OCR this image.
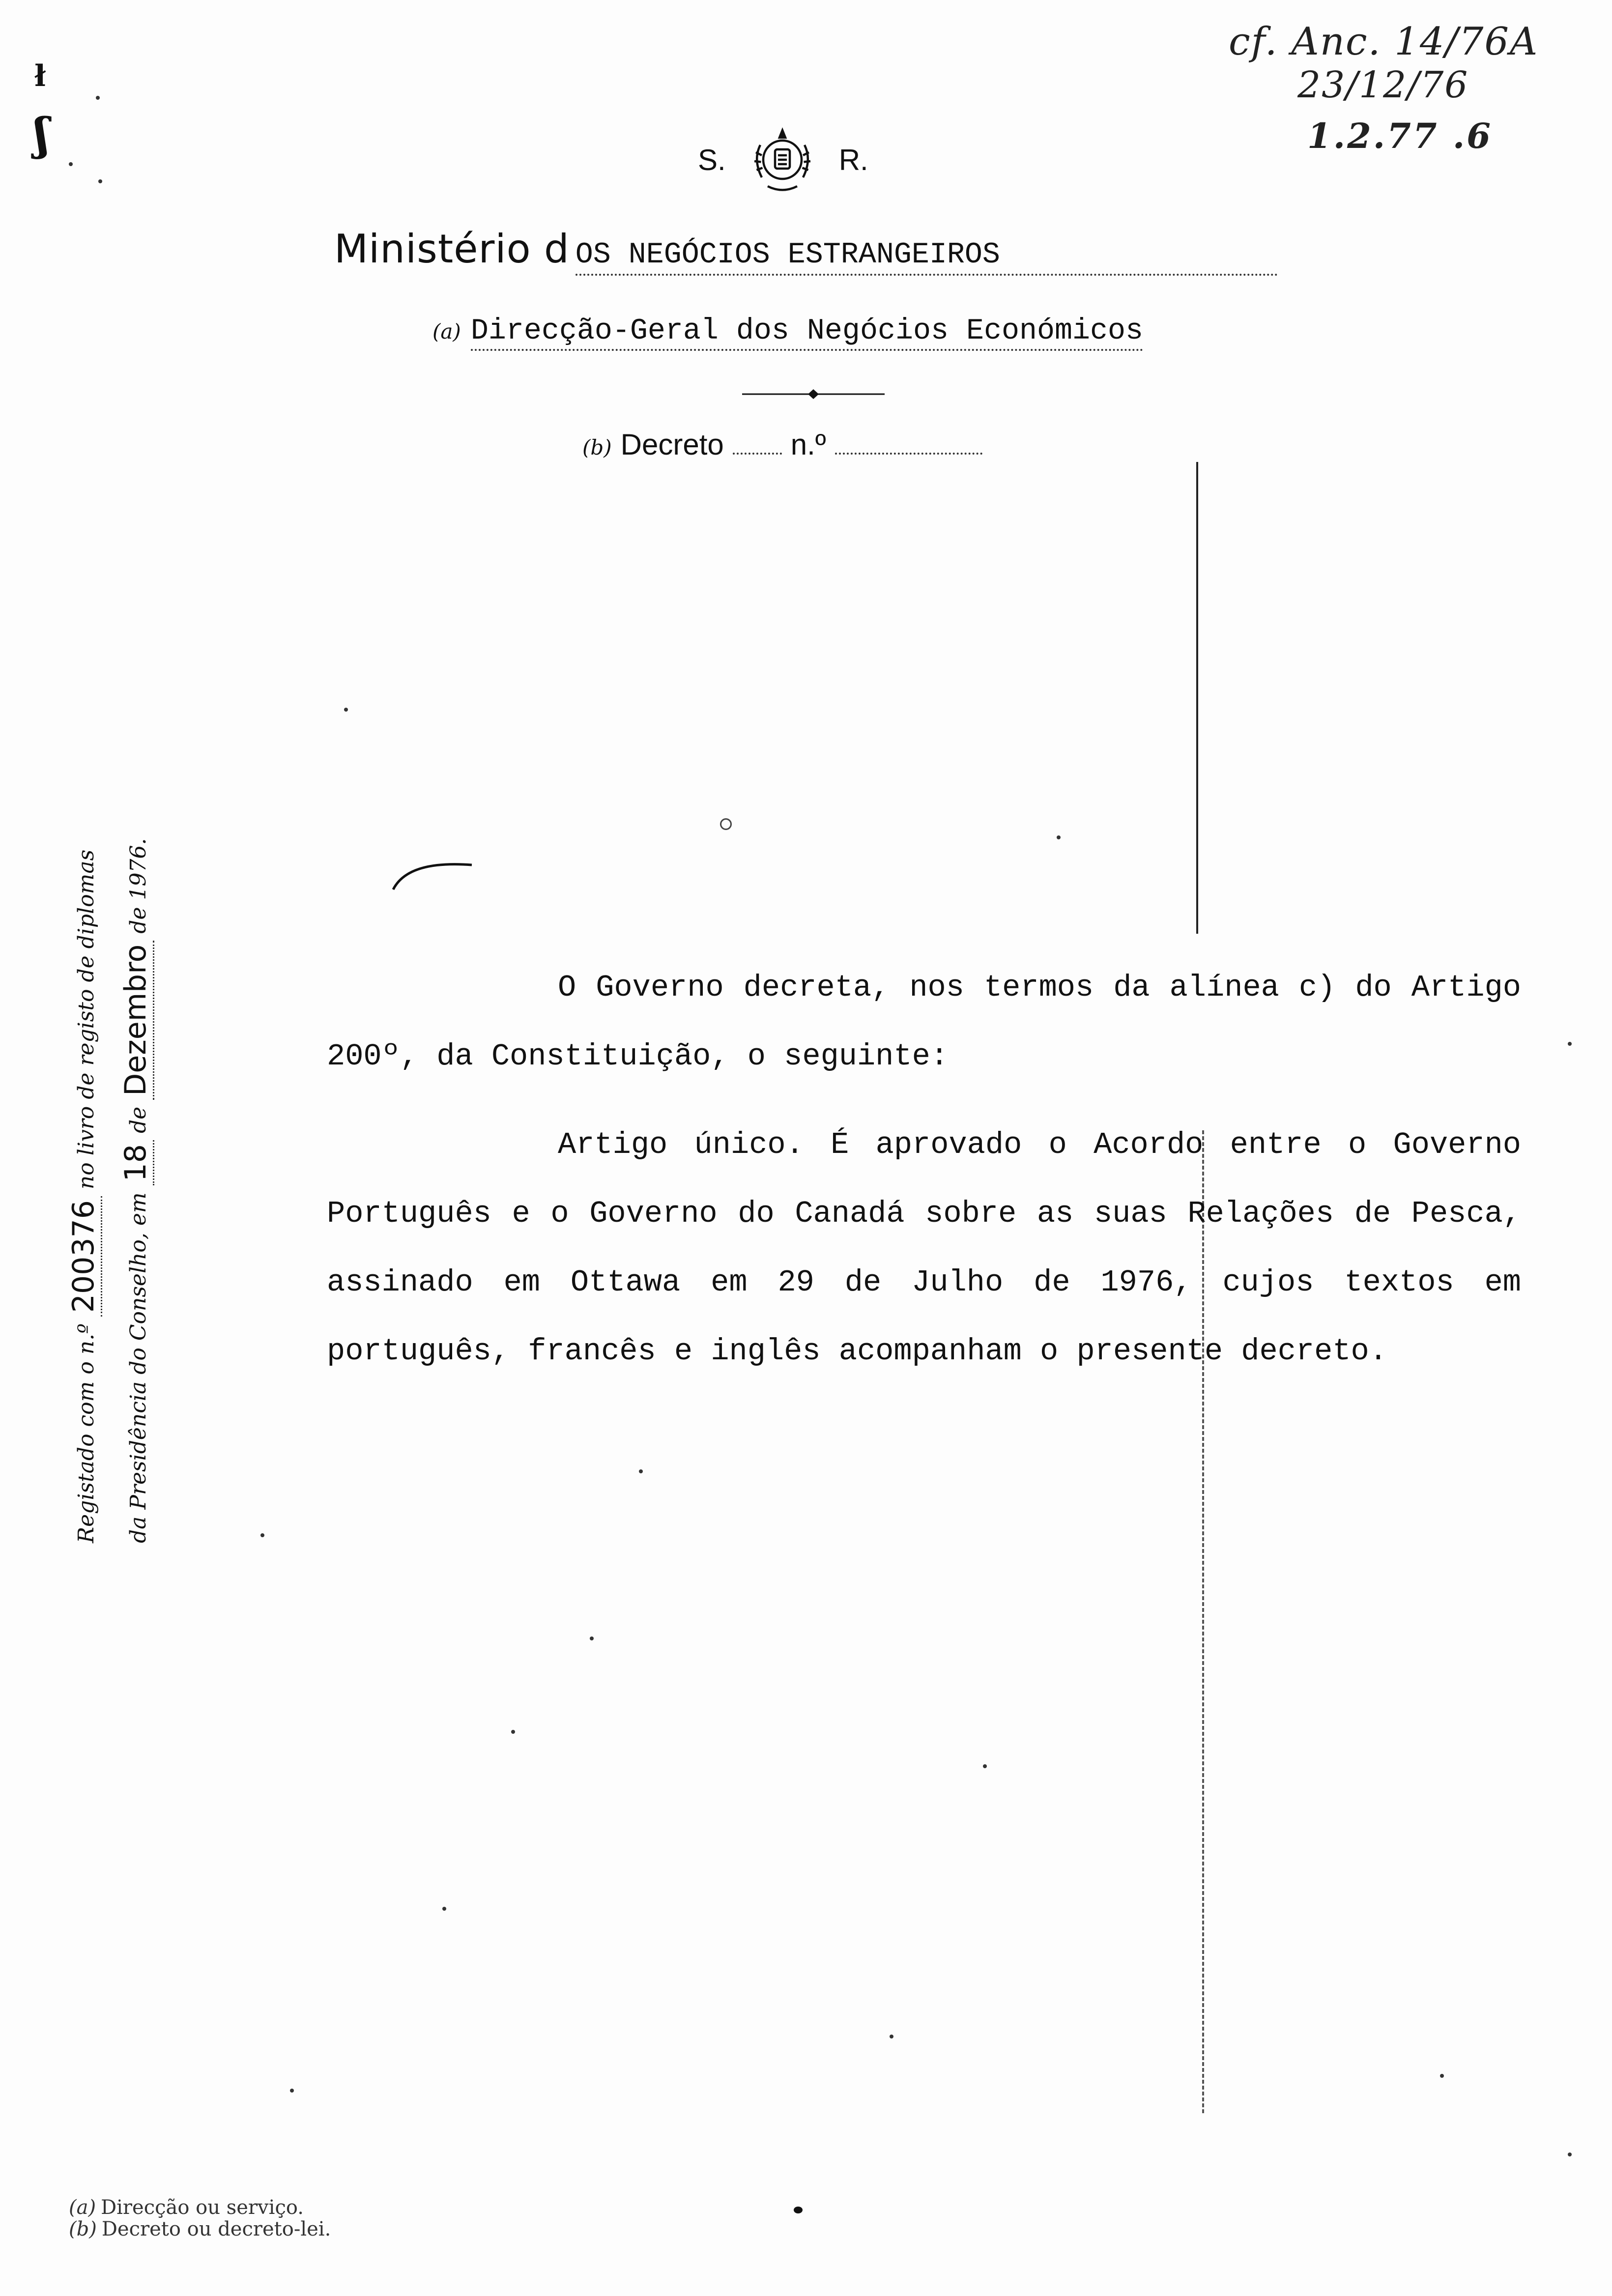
cf. Anc. 14/76A
23/12/76
1.2.77 .6
ł
ʃ	S.	R.
Ministério d OS NEGÓCIOS ESTRANGEIROS
(a) Direcção-Geral dos Negócios Económicos
(b) Decreto n.º
Registado com o n.º 200376 no livro de registo de diplomas
da Presidência do Conselho, em 18 de Dezembro de 1976.

O Governo decreta, nos termos da alínea c) do Artigo 200º, da Constituição, o seguinte:

Artigo único. É aprovado o Acordo entre o Governo Português e o Governo do Canadá sobre as suas Relações de Pesca, assinado em Ottawa em 29 de Julho de 1976, cujos textos em português, francês e inglês acompanham o presente decreto.

(a) Direcção ou serviço.
(b) Decreto ou decreto-lei.
